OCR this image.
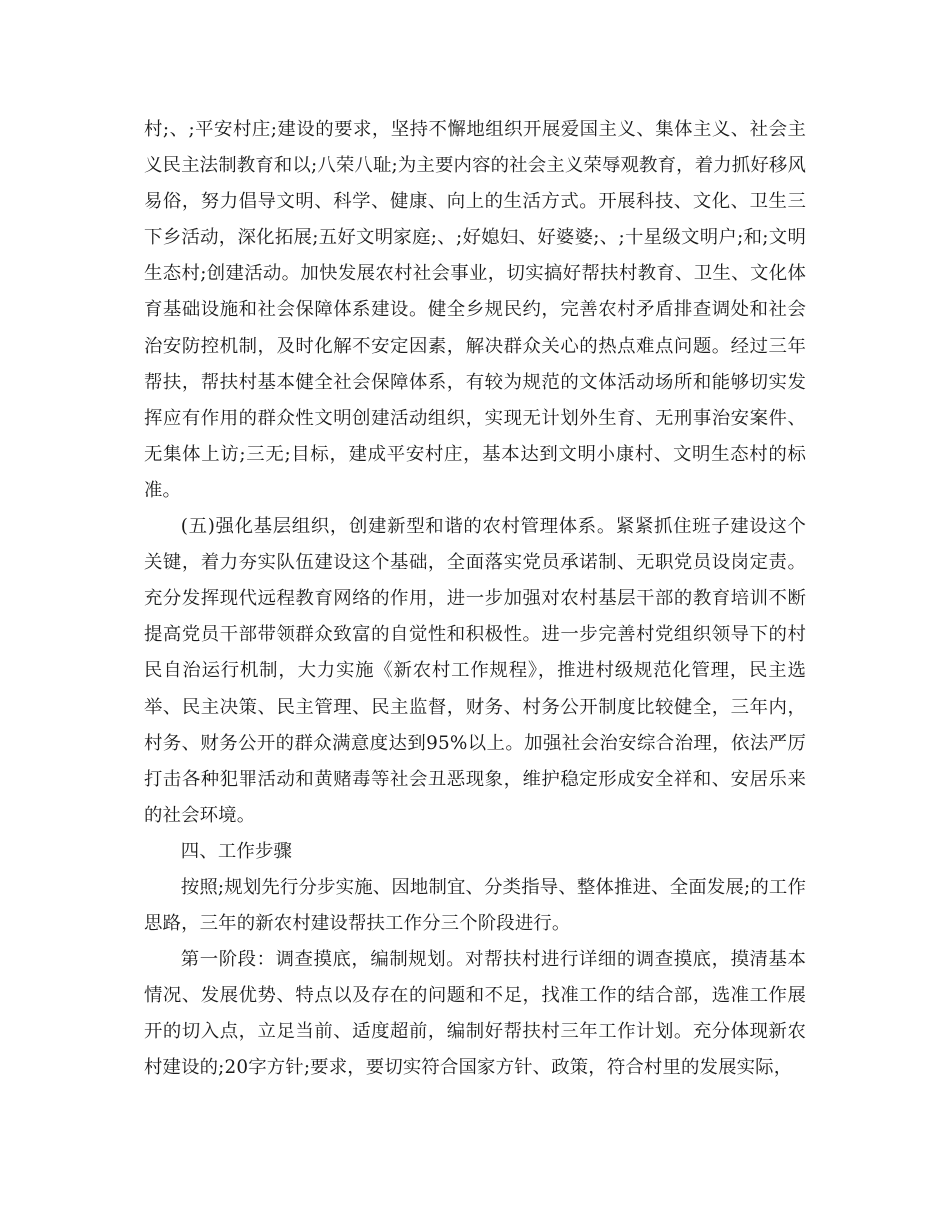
村;、;平安村庄;建设的要求，坚持不懈地组织开展爱国主义、集体主义、社会主义民主法制教育和以;八荣八耻;为主要内容的社会主义荣辱观教育，着力抓好移风易俗，努力倡导文明、科学、健康、向上的生活方式。开展科技、文化、卫生三下乡活动，深化拓展;五好文明家庭;、;好媳妇、好婆婆;、;十星级文明户;和;文明生态村;创建活动。加快发展农村社会事业，切实搞好帮扶村教育、卫生、文化体育基础设施和社会保障体系建设。健全乡规民约，完善农村矛盾排查调处和社会治安防控机制，及时化解不安定因素，解决群众关心的热点难点问题。经过三年帮扶，帮扶村基本健全社会保障体系，有较为规范的文体活动场所和能够切实发挥应有作用的群众性文明创建活动组织，实现无计划外生育、无刑事治安案件、无集体上访;三无;目标，建成平安村庄，基本达到文明小康村、文明生态村的标准。

(五)强化基层组织，创建新型和谐的农村管理体系。紧紧抓住班子建设这个关键，着力夯实队伍建设这个基础，全面落实党员承诺制、无职党员设岗定责。充分发挥现代远程教育网络的作用，进一步加强对农村基层干部的教育培训不断提高党员干部带领群众致富的自觉性和积极性。进一步完善村党组织领导下的村民自治运行机制，大力实施《新农村工作规程》，推进村级规范化管理，民主选举、民主决策、民主管理、民主监督，财务、村务公开制度比较健全，三年内，村务、财务公开的群众满意度达到95%以上。加强社会治安综合治理，依法严厉打击各种犯罪活动和黄赌毒等社会丑恶现象，维护稳定形成安全祥和、安居乐来的社会环境。

四、工作步骤

按照;规划先行分步实施、因地制宜、分类指导、整体推进、全面发展;的工作思路，三年的新农村建设帮扶工作分三个阶段进行。

第一阶段：调查摸底，编制规划。对帮扶村进行详细的调查摸底，摸清基本情况、发展优势、特点以及存在的问题和不足，找准工作的结合部，选准工作展开的切入点，立足当前、适度超前，编制好帮扶村三年工作计划。充分体现新农村建设的;20字方针;要求，要切实符合国家方针、政策，符合村里的发展实际，
